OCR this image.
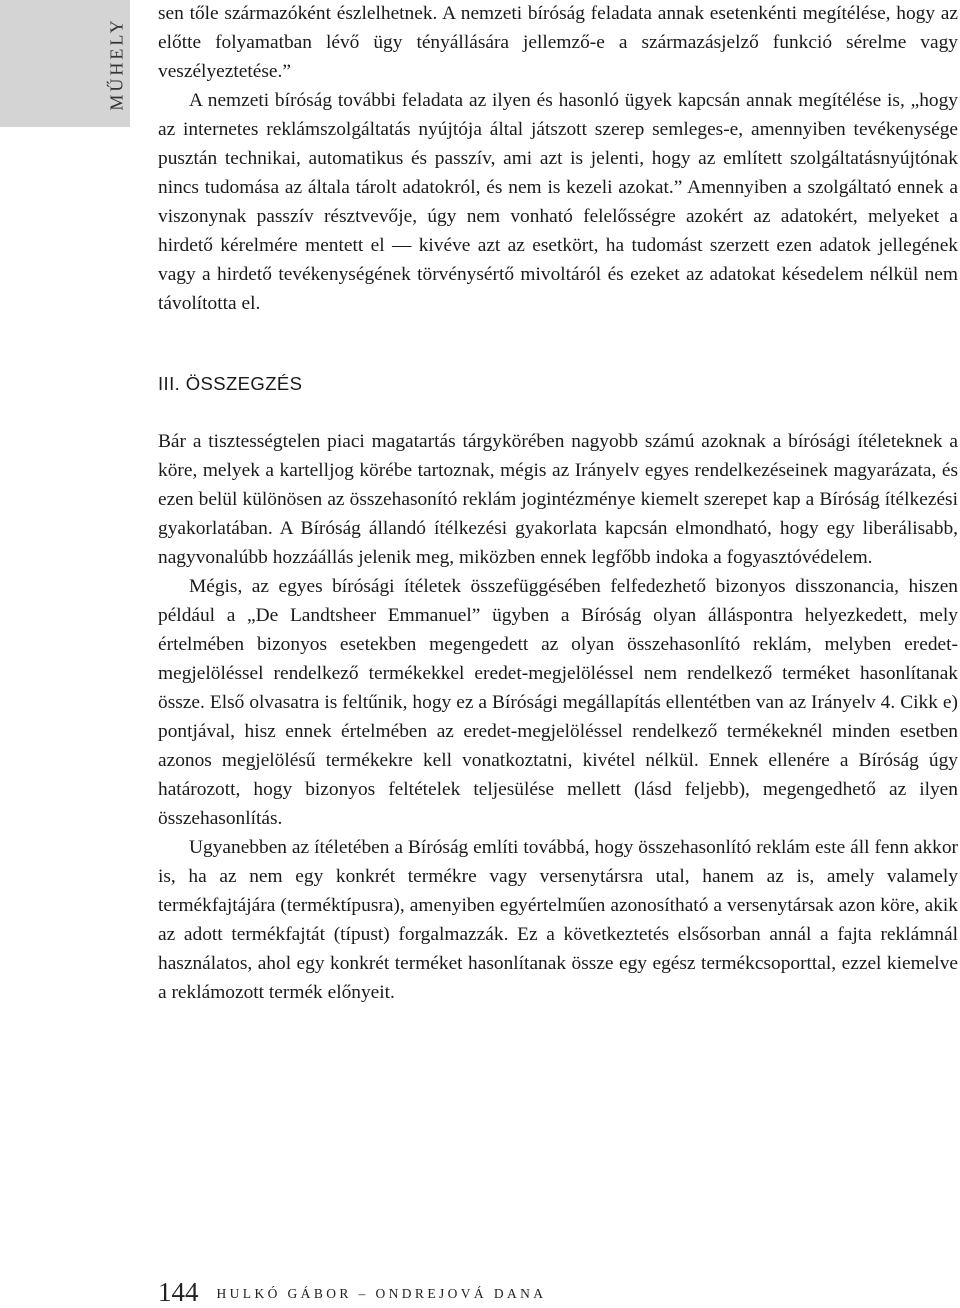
MŰHELY

sen tőle származóként észlelhetnek. A nemzeti bíróság feladata annak esetenkénti megítélése, hogy az előtte folyamatban lévő ügy tényállására jellemző-e a származásjelző funkció sérelme vagy veszélyeztetése.”

A nemzeti bíróság további feladata az ilyen és hasonló ügyek kapcsán annak megítélése is, „hogy az internetes reklámszolgáltatás nyújtója által játszott szerep semleges-e, amennyiben tevékenysége pusztán technikai, automatikus és passzív, ami azt is jelenti, hogy az említett szolgáltatásnyújtónak nincs tudomása az általa tárolt adatokról, és nem is kezeli azokat.” Amennyiben a szolgáltató ennek a viszonynak passzív résztvevője, úgy nem vonható felelősségre azokért az adatokért, melyeket a hirdető kérelmére mentett el — kivéve azt az esetkört, ha tudomást szerzett ezen adatok jellegének vagy a hirdető tevékenységének törvénysértő mivoltáról és ezeket az adatokat késedelem nélkül nem távolította el.

III. ÖSSZEGZÉS

Bár a tisztességtelen piaci magatartás tárgykörében nagyobb számú azoknak a bírósági ítéleteknek a köre, melyek a kartelljog körébe tartoznak, mégis az Irányelv egyes rendelkezéseinek magyarázata, és ezen belül különösen az összehasonító reklám jogintézménye kiemelt szerepet kap a Bíróság ítélkezési gyakorlatában. A Bíróság állandó ítélkezési gyakorlata kapcsán elmondható, hogy egy liberálisabb, nagyvonalúbb hozzáállás jelenik meg, miközben ennek legfőbb indoka a fogyasztóvédelem.

Mégis, az egyes bírósági ítéletek összefüggésében felfedezhető bizonyos disszonancia, hiszen például a „De Landtsheer Emmanuel” ügyben a Bíróság olyan álláspontra helyezkedett, mely értelmében bizonyos esetekben megengedett az olyan összehasonlító reklám, melyben eredet-megjelöléssel rendelkező termékekkel eredet-megjelöléssel nem rendelkező terméket hasonlítanak össze. Első olvasatra is feltűnik, hogy ez a Bírósági megállapítás ellentétben van az Irányelv 4. Cikk e) pontjával, hisz ennek értelmében az eredet-megjelöléssel rendelkező termékeknél minden esetben azonos megjelölésű termékekre kell vonatkoztatni, kivétel nélkül. Ennek ellenére a Bíróság úgy határozott, hogy bizonyos feltételek teljesülése mellett (lásd feljebb), megengedhető az ilyen összehasonlítás.

Ugyanebben az ítéletében a Bíróság említi továbbá, hogy összehasonlító reklám este áll fenn akkor is, ha az nem egy konkrét termékre vagy versenytársra utal, hanem az is, amely valamely termékfajtájára (terméktípusra), amenyiben egyértelműen azonosítható a versenytársak azon köre, akik az adott termékfajtát (típust) forgalmazzák. Ez a következtetés elsősorban annál a fajta reklámnál használatos, ahol egy konkrét terméket hasonlítanak össze egy egész termékcsoporttal, ezzel kiemelve a reklámozott termék előnyeit.

144 HULKÓ GÁBOR – ONDREJOVÁ DANA
